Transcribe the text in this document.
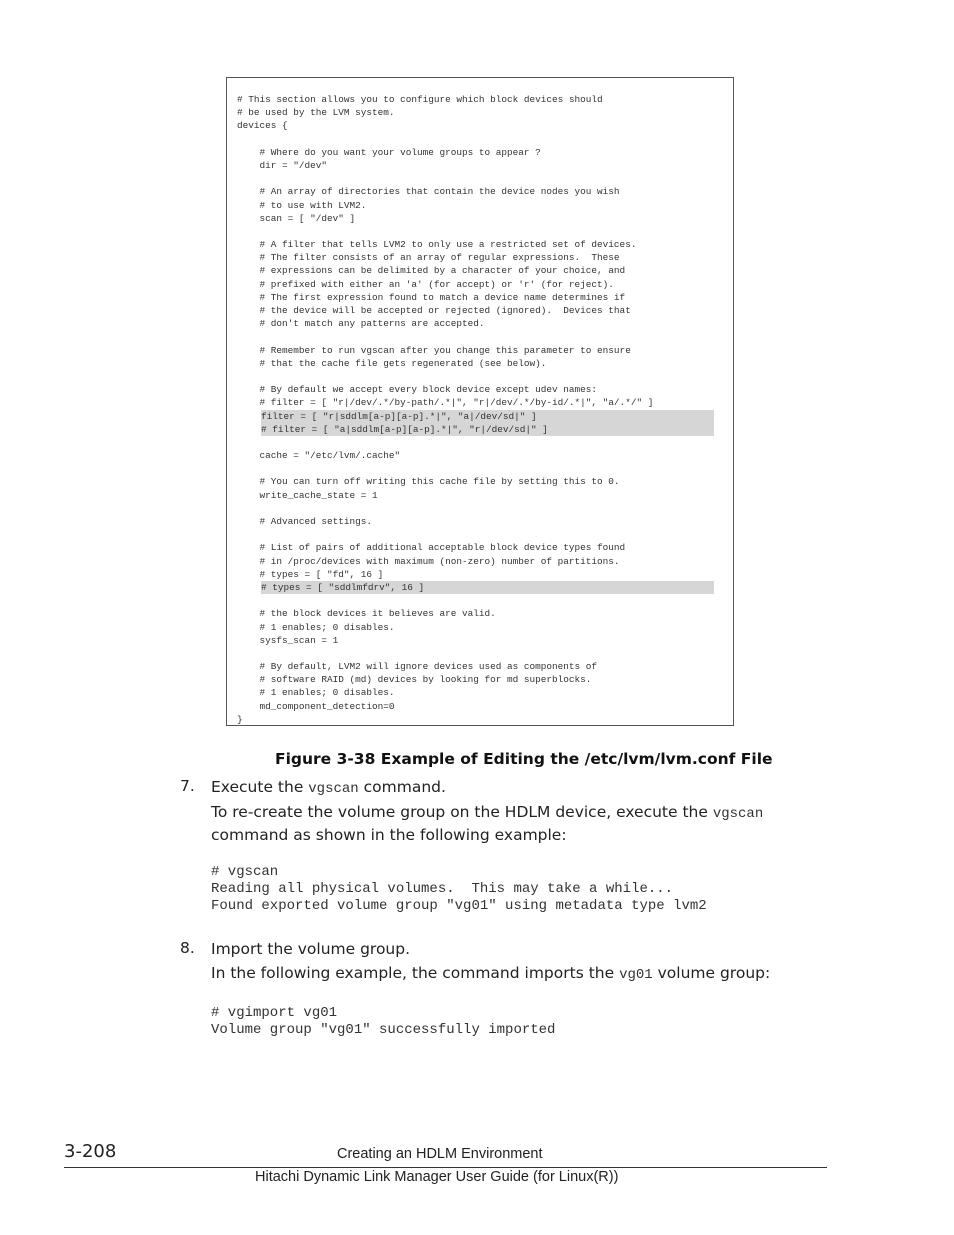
# This section allows you to configure which block devices should
# be used by the LVM system.
devices {
# Where do you want your volume groups to appear ?
dir = "/dev"
# An array of directories that contain the device nodes you wish
# to use with LVM2.
scan = [ "/dev" ]
# A filter that tells LVM2 to only use a restricted set of devices.
# The filter consists of an array of regular expressions.  These
# expressions can be delimited by a character of your choice, and
# prefixed with either an 'a' (for accept) or 'r' (for reject).
# The first expression found to match a device name determines if
# the device will be accepted or rejected (ignored).  Devices that
# don't match any patterns are accepted.
# Remember to run vgscan after you change this parameter to ensure
# that the cache file gets regenerated (see below).
# By default we accept every block device except udev names:
# filter = [ "r|/dev/.*/by-path/.*|", "r|/dev/.*/by-id/.*|", "a/.*/" ]
filter = [ "r|sddlm[a-p][a-p].*|", "a|/dev/sd|" ]
# filter = [ "a|sddlm[a-p][a-p].*|", "r|/dev/sd|" ]
cache = "/etc/lvm/.cache"
# You can turn off writing this cache file by setting this to 0.
write_cache_state = 1
# Advanced settings.
# List of pairs of additional acceptable block device types found
# in /proc/devices with maximum (non-zero) number of partitions.
# types = [ "fd", 16 ]
# types = [ "sddlmfdrv", 16 ]
# the block devices it believes are valid.
# 1 enables; 0 disables.
sysfs_scan = 1
# By default, LVM2 will ignore devices used as components of
# software RAID (md) devices by looking for md superblocks.
# 1 enables; 0 disables.
md_component_detection=0
}
Figure 3-38 Example of Editing the /etc/lvm/lvm.conf File
7. Execute the vgscan command.
To re-create the volume group on the HDLM device, execute the vgscan command as shown in the following example:
# vgscan
Reading all physical volumes.  This may take a while...
Found exported volume group "vg01" using metadata type lvm2
8. Import the volume group.
In the following example, the command imports the vg01 volume group:
# vgimport vg01
Volume group "vg01" successfully imported
3-208	Creating an HDLM Environment
Hitachi Dynamic Link Manager User Guide (for Linux(R))
